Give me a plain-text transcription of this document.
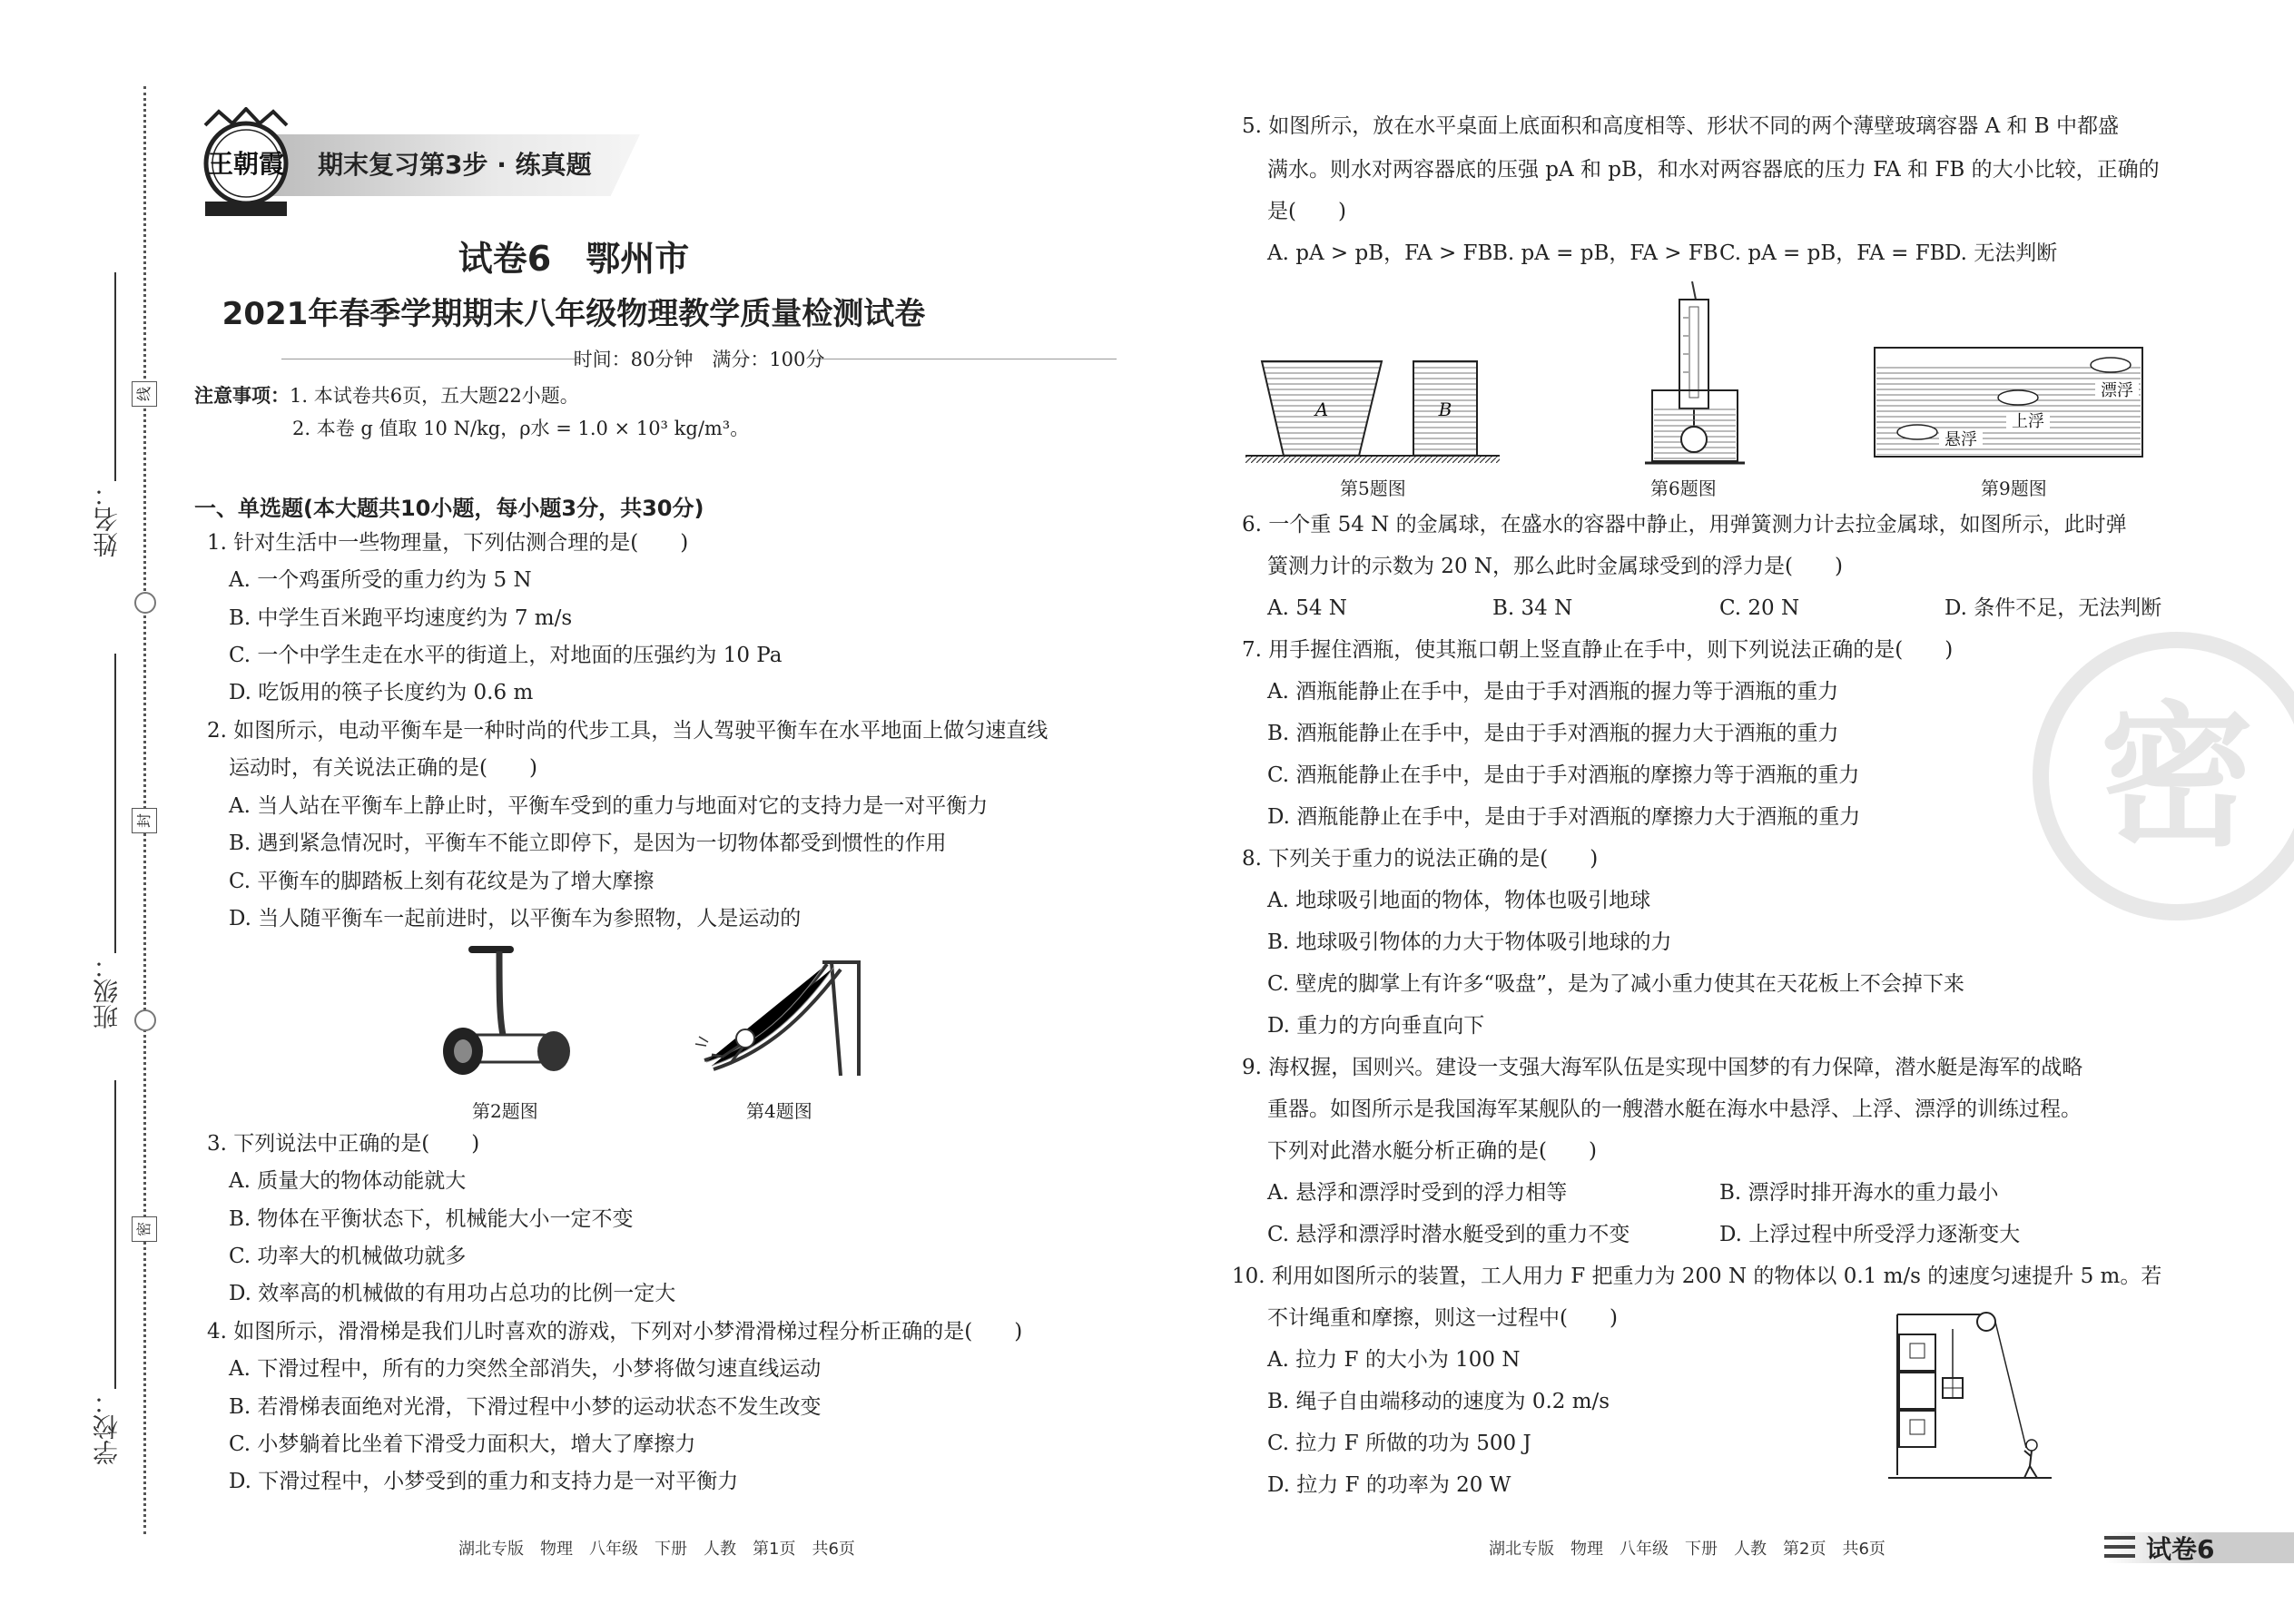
姓名：
班级：
学校：
线
封
密
期末复习第3步 · 练真题
王朝霞
试卷6　鄂州市
2021年春季学期期末八年级物理教学质量检测试卷
时间：80分钟　满分：100分
注意事项：1. 本试卷共6页，五大题22小题。
2. 本卷 g 值取 10 N/kg，ρ水 = 1.0 × 10³ kg/m³。
一、单选题(本大题共10小题，每小题3分，共30分)
1. 针对生活中一些物理量，下列估测合理的是(　　)
A. 一个鸡蛋所受的重力约为 5 N
B. 中学生百米跑平均速度约为 7 m/s
C. 一个中学生走在水平的街道上，对地面的压强约为 10 Pa
D. 吃饭用的筷子长度约为 0.6 m
2. 如图所示，电动平衡车是一种时尚的代步工具，当人驾驶平衡车在水平地面上做匀速直线
运动时，有关说法正确的是(　　)
A. 当人站在平衡车上静止时，平衡车受到的重力与地面对它的支持力是一对平衡力
B. 遇到紧急情况时，平衡车不能立即停下，是因为一切物体都受到惯性的作用
C. 平衡车的脚踏板上刻有花纹是为了增大摩擦
D. 当人随平衡车一起前进时，以平衡车为参照物，人是运动的
第2题图	第4题图
3. 下列说法中正确的是(　　)
A. 质量大的物体动能就大
B. 物体在平衡状态下，机械能大小一定不变
C. 功率大的机械做功就多
D. 效率高的机械做的有用功占总功的比例一定大
4. 如图所示，滑滑梯是我们儿时喜欢的游戏，下列对小梦滑滑梯过程分析正确的是(　　)
A. 下滑过程中，所有的力突然全部消失，小梦将做匀速直线运动
B. 若滑梯表面绝对光滑，下滑过程中小梦的运动状态不发生改变
C. 小梦躺着比坐着下滑受力面积大，增大了摩擦力
D. 下滑过程中，小梦受到的重力和支持力是一对平衡力
湖北专版　物理　八年级　下册　人教　第1页　共6页
5. 如图所示，放在水平桌面上底面积和高度相等、形状不同的两个薄壁玻璃容器 A 和 B 中都盛
满水。则水对两容器底的压强 pA 和 pB，和水对两容器底的压力 FA 和 FB 的大小比较，正确的
是(　　)
A. pA > pB，FA > FB B. pA = pB，FA > FB C. pA = pB，FA = FB D. 无法判断
A	B
漂浮
上浮
悬浮
第5题图	第6题图	第9题图
6. 一个重 54 N 的金属球，在盛水的容器中静止，用弹簧测力计去拉金属球，如图所示，此时弹
簧测力计的示数为 20 N，那么此时金属球受到的浮力是(　　)
A. 54 N	B. 34 N	C. 20 N	D. 条件不足，无法判断
7. 用手握住酒瓶，使其瓶口朝上竖直静止在手中，则下列说法正确的是(　　)
A. 酒瓶能静止在手中，是由于手对酒瓶的握力等于酒瓶的重力
B. 酒瓶能静止在手中，是由于手对酒瓶的握力大于酒瓶的重力
C. 酒瓶能静止在手中，是由于手对酒瓶的摩擦力等于酒瓶的重力
D. 酒瓶能静止在手中，是由于手对酒瓶的摩擦力大于酒瓶的重力
8. 下列关于重力的说法正确的是(　　)
A. 地球吸引地面的物体，物体也吸引地球
B. 地球吸引物体的力大于物体吸引地球的力
C. 壁虎的脚掌上有许多“吸盘”，是为了减小重力使其在天花板上不会掉下来
D. 重力的方向垂直向下
9. 海权握，国则兴。建设一支强大海军队伍是实现中国梦的有力保障，潜水艇是海军的战略
重器。如图所示是我国海军某舰队的一艘潜水艇在海水中悬浮、上浮、漂浮的训练过程。
下列对此潜水艇分析正确的是(　　)
A. 悬浮和漂浮时受到的浮力相等	B. 漂浮时排开海水的重力最小
C. 悬浮和漂浮时潜水艇受到的重力不变	D. 上浮过程中所受浮力逐渐变大
10. 利用如图所示的装置，工人用力 F 把重力为 200 N 的物体以 0.1 m/s 的速度匀速提升 5 m。若
不计绳重和摩擦，则这一过程中(　　)
A. 拉力 F 的大小为 100 N
B. 绳子自由端移动的速度为 0.2 m/s
C. 拉力 F 所做的功为 500 J
D. 拉力 F 的功率为 20 W
密
湖北专版　物理　八年级　下册　人教　第2页　共6页	试卷6
